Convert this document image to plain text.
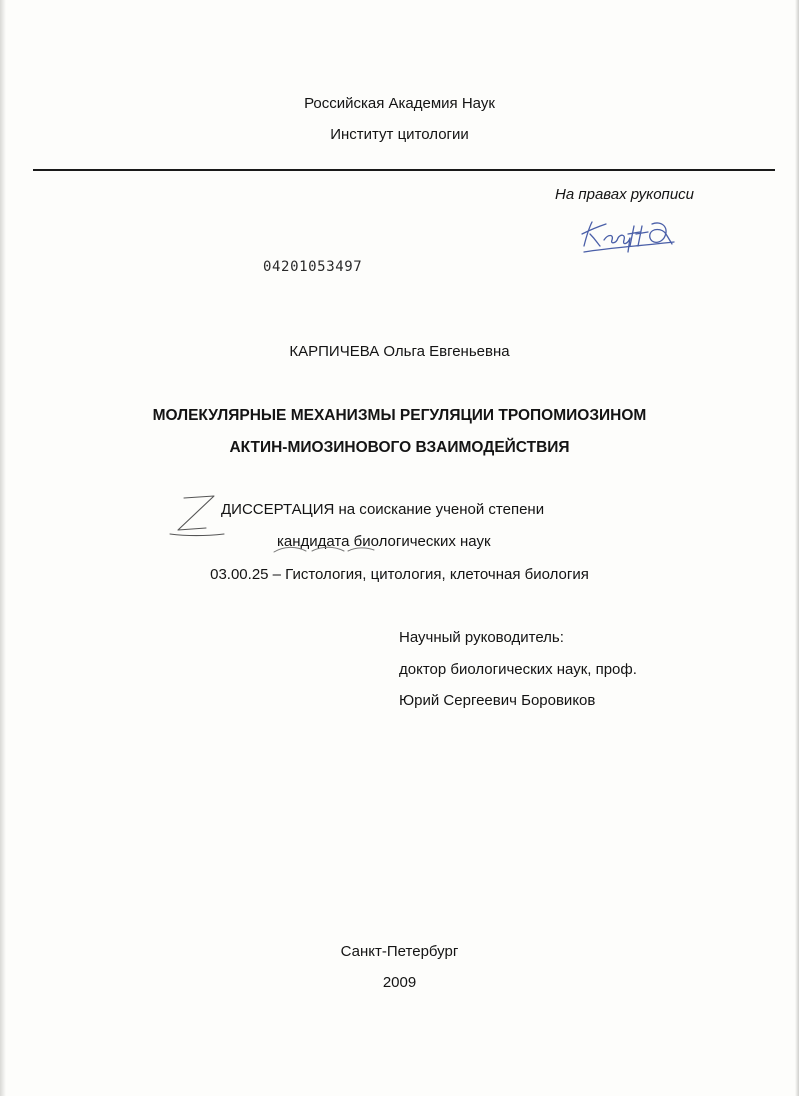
Российская Академия Наук
Институт цитологии
На правах рукописи
04201053497
КАРПИЧЕВА Ольга Евгеньевна
МОЛЕКУЛЯРНЫЕ МЕХАНИЗМЫ РЕГУЛЯЦИИ ТРОПОМИОЗИНОМ
АКТИН-МИОЗИНОВОГО ВЗАИМОДЕЙСТВИЯ
ДИССЕРТАЦИЯ на соискание ученой степени
кандидата биологических наук
03.00.25 – Гистология, цитология, клеточная биология
Научный руководитель:
доктор биологических наук, проф.
Юрий Сергеевич Боровиков
Санкт-Петербург
2009
